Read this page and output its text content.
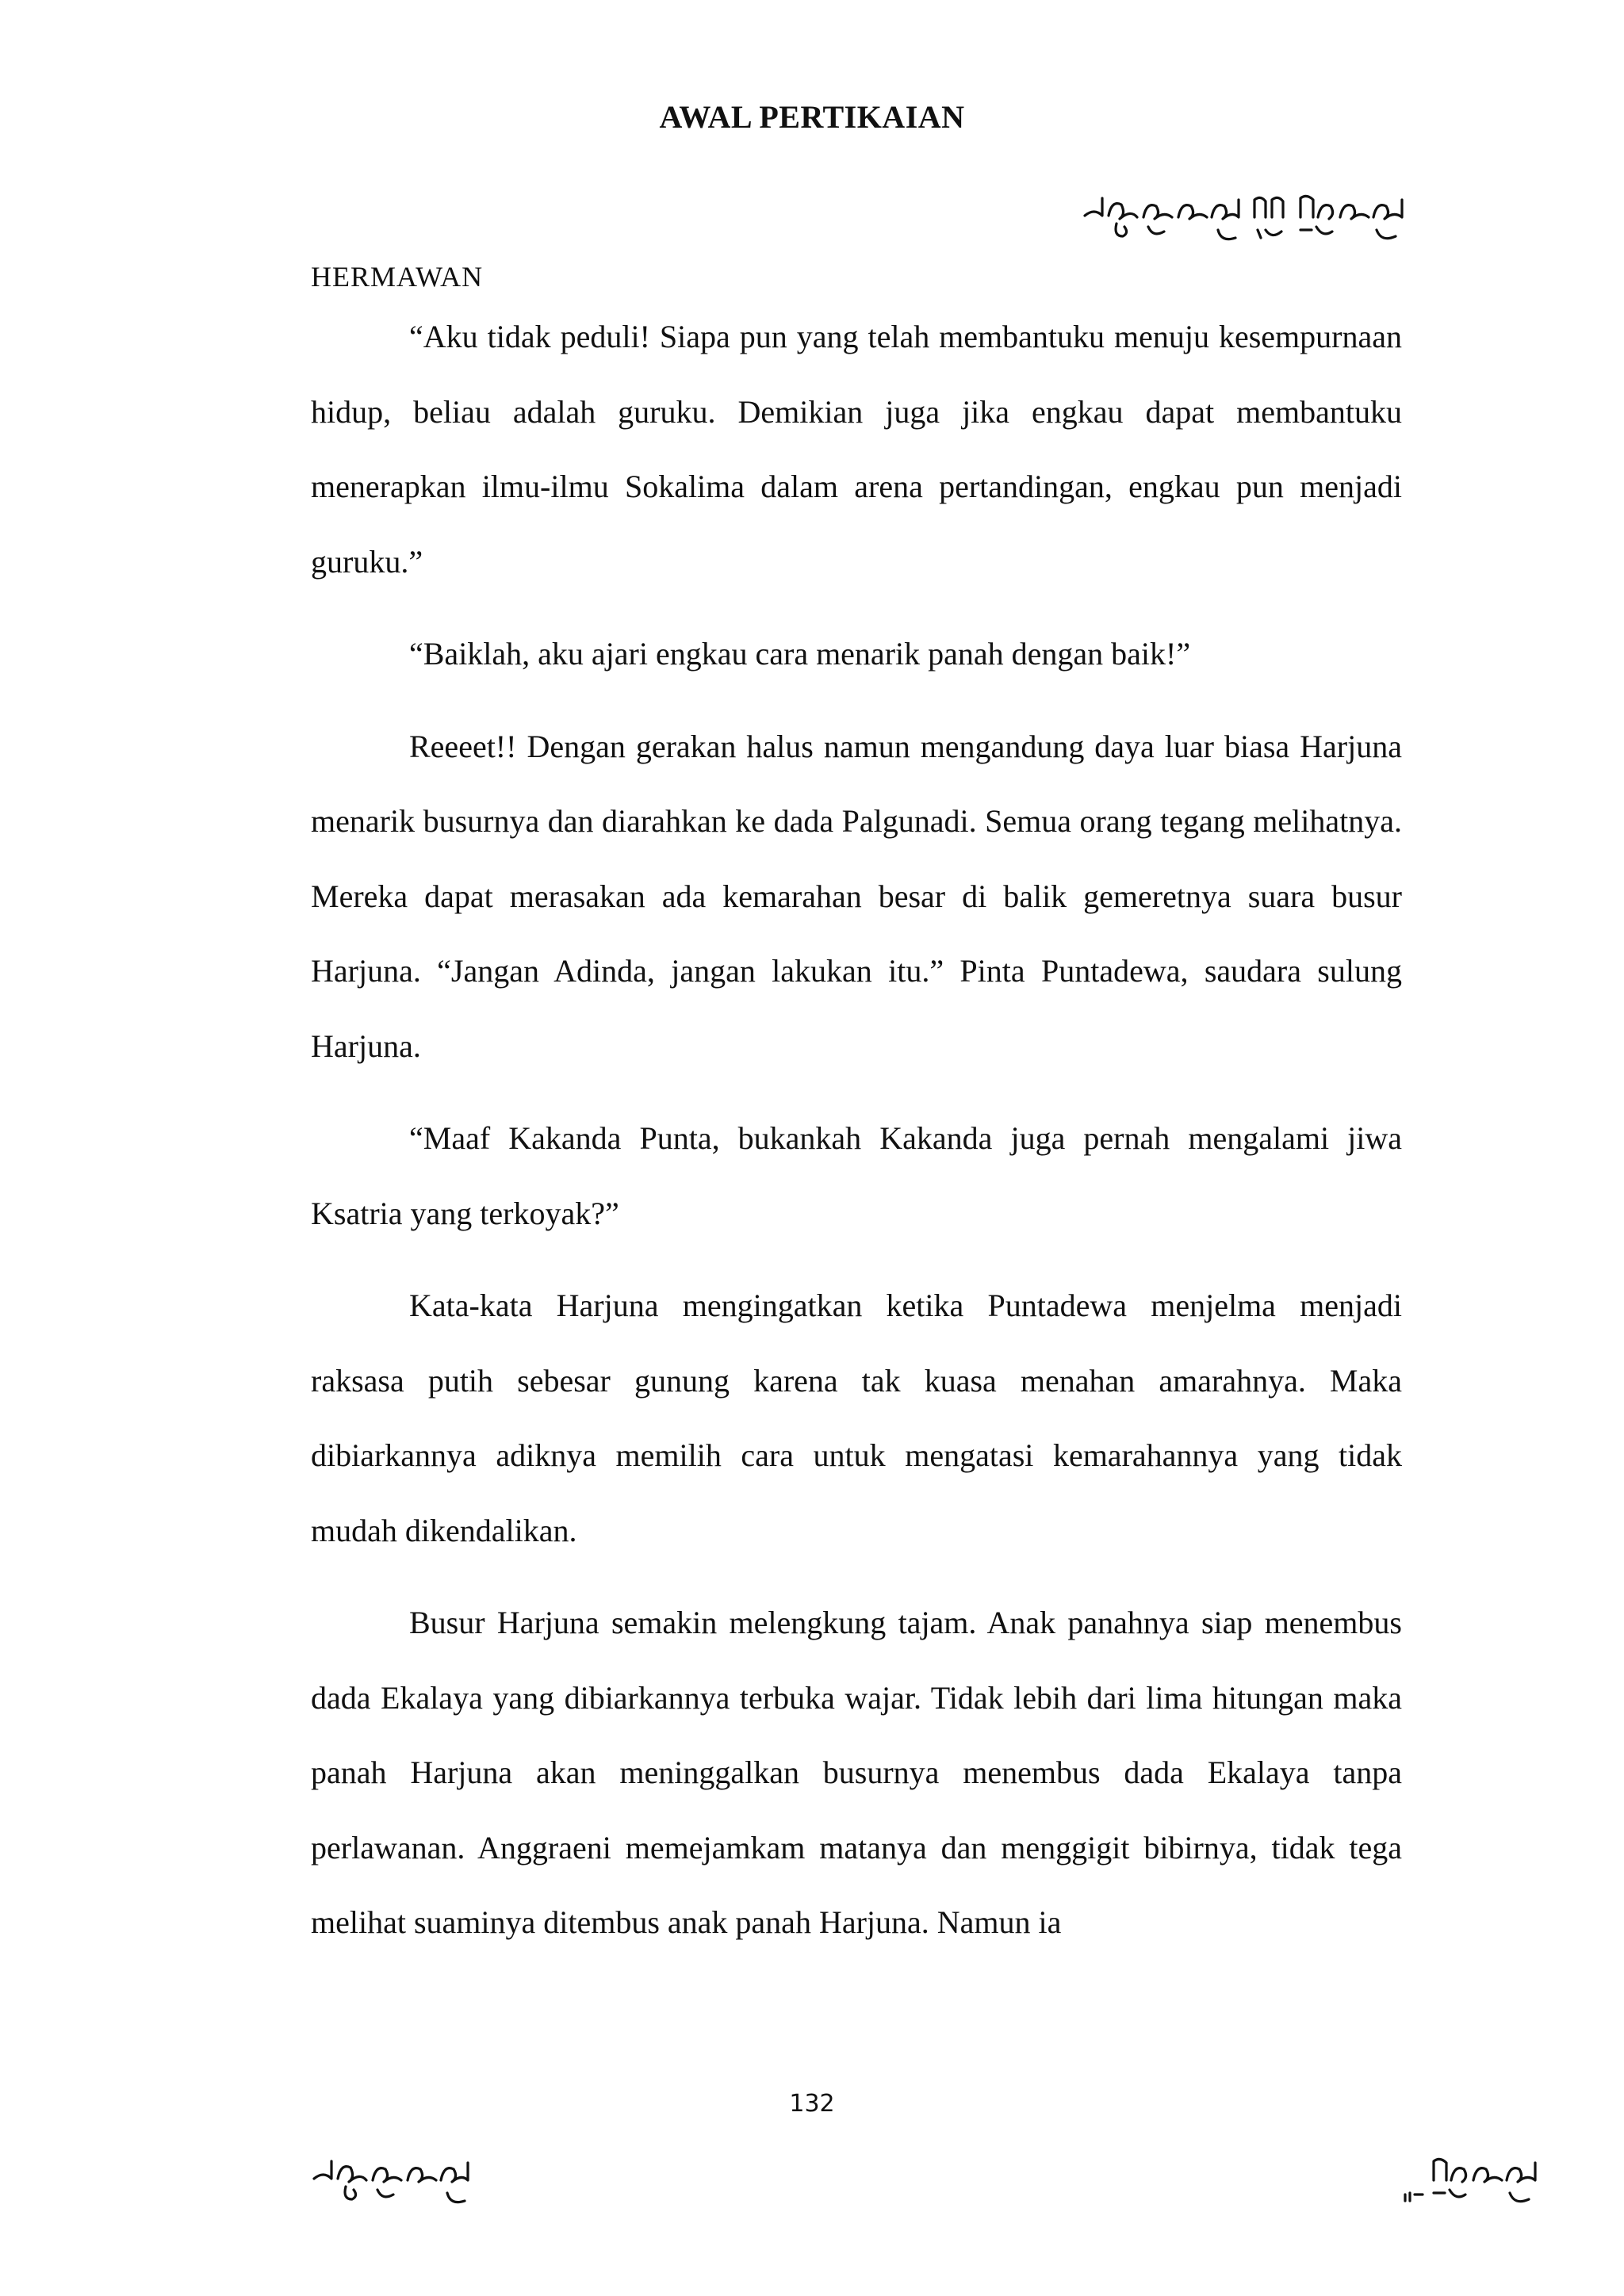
AWAL PERTIKAIAN
HERMAWAN

“Aku tidak peduli! Siapa pun yang telah membantuku menuju kesempurnaan hidup, beliau adalah guruku. Demikian juga jika engkau dapat membantuku menerapkan ilmu-ilmu Sokalima dalam arena pertandingan, engkau pun menjadi guruku.”

“Baiklah, aku ajari engkau cara menarik panah dengan baik!”

Reeeet!! Dengan gerakan halus namun mengandung daya luar biasa Harjuna menarik busurnya dan diarahkan ke dada Palgunadi. Semua orang tegang melihatnya. Mereka dapat merasakan ada kemarahan besar di balik gemeretnya suara busur Harjuna. “Jangan Adinda, jangan lakukan itu.” Pinta Puntadewa, saudara sulung Harjuna.

“Maaf Kakanda Punta, bukankah Kakanda juga pernah mengalami jiwa Ksatria yang terkoyak?”

Kata-kata Harjuna mengingatkan ketika Puntadewa menjelma menjadi raksasa putih sebesar gunung karena tak kuasa menahan amarahnya. Maka dibiarkannya adiknya memilih cara untuk mengatasi kemarahannya yang tidak mudah dikendalikan.

Busur Harjuna semakin melengkung tajam. Anak panahnya siap menembus dada Ekalaya yang dibiarkannya terbuka wajar. Tidak lebih dari lima hitungan maka panah Harjuna akan meninggalkan busurnya menembus dada Ekalaya tanpa perlawanan. Anggraeni memejamkam matanya dan menggigit bibirnya, tidak tega melihat suaminya ditembus anak panah Harjuna. Namun ia

132
